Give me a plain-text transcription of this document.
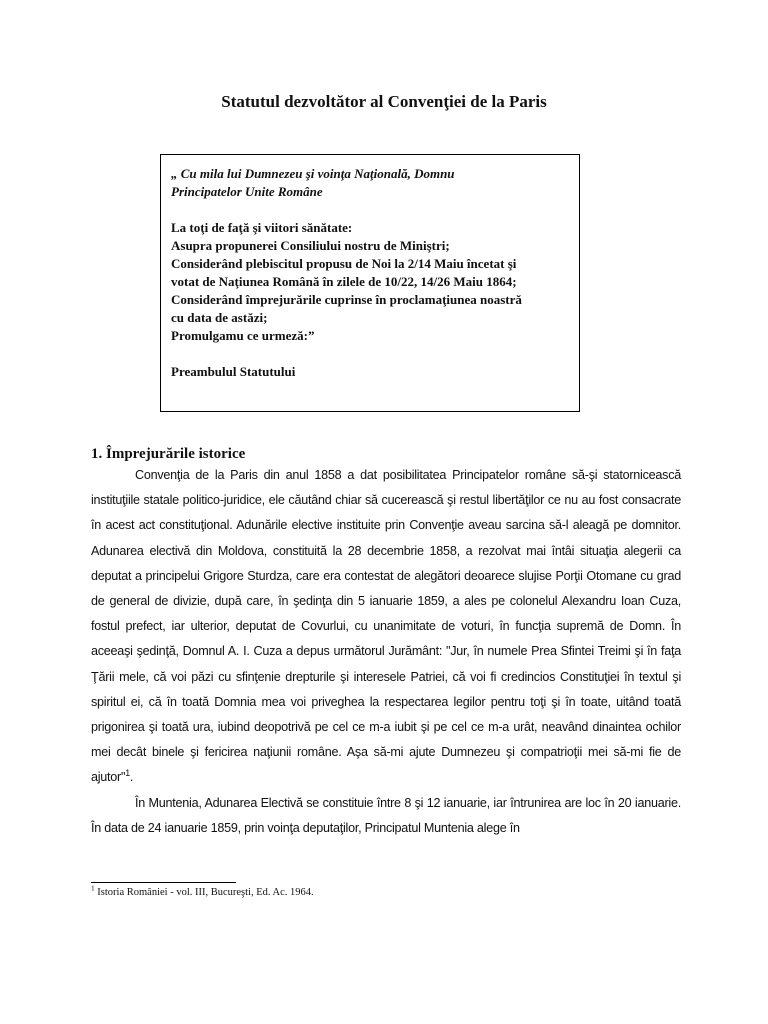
Statutul dezvoltător al Convenţiei de la Paris

„ Cu mila lui Dumnezeu şi voinţa Naţională, Domnu

Principatelor Unite Române

La toţi de faţă şi viitori sănătate:

Asupra propunerei Consiliului nostru de Miniştri;

Considerând plebiscitul propusu de Noi la 2/14 Maiu încetat şi

votat de Naţiunea Română în zilele de 10/22, 14/26 Maiu 1864;

Considerând împrejurările cuprinse în proclamaţiunea noastră

cu data de astăzi;

Promulgamu ce urmeză:”

Preambulul Statutului

1. Împrejurările istorice

Convenţia de la Paris din anul 1858 a dat posibilitatea Principatelor române să-şi statornicească instituţiile statale politico-juridice, ele căutând chiar să cucerească şi restul libertăţilor ce nu au fost consacrate în acest act constituţional. Adunările elective instituite prin Convenţie aveau sarcina să-l aleagă pe domnitor. Adunarea electivă din Moldova, constituită la 28 decembrie 1858, a rezolvat mai întâi situaţia alegerii ca deputat a principelui Grigore Sturdza, care era contestat de alegători deoarece slujise Porţii Otomane cu grad de general de divizie, după care, în şedinţa din 5 ianuarie 1859, a ales pe colonelul Alexandru Ioan Cuza, fostul prefect, iar ulterior, deputat de Covurlui, cu unanimitate de voturi, în funcţia supremă de Domn. În aceeaşi şedinţă, Domnul A. I. Cuza a depus următorul Jurământ: "Jur, în numele Prea Sfintei Treimi şi în faţa Ţării mele, că voi păzi cu sfinţenie drepturile şi interesele Patriei, că voi fi credincios Constituţiei în textul şi spiritul ei, că în toată Domnia mea voi priveghea la respectarea legilor pentru toţi şi în toate, uitând toată prigonirea şi toată ura, iubind deopotrivă pe cel ce m-a iubit şi pe cel ce m-a urât, neavând dinaintea ochilor mei decât binele şi fericirea naţiunii române. Aşa să-mi ajute Dumnezeu şi compatrioţii mei să-mi fie de ajutor"$^1$.

În Muntenia, Adunarea Electivă se constituie între 8 şi 12 ianuarie, iar întrunirea are loc în 20 ianuarie. În data de 24 ianuarie 1859, prin voinţa deputaţilor, Principatul Muntenia alege în

$^1$ Istoria României - vol. III, Bucureşti, Ed. Ac. 1964.
